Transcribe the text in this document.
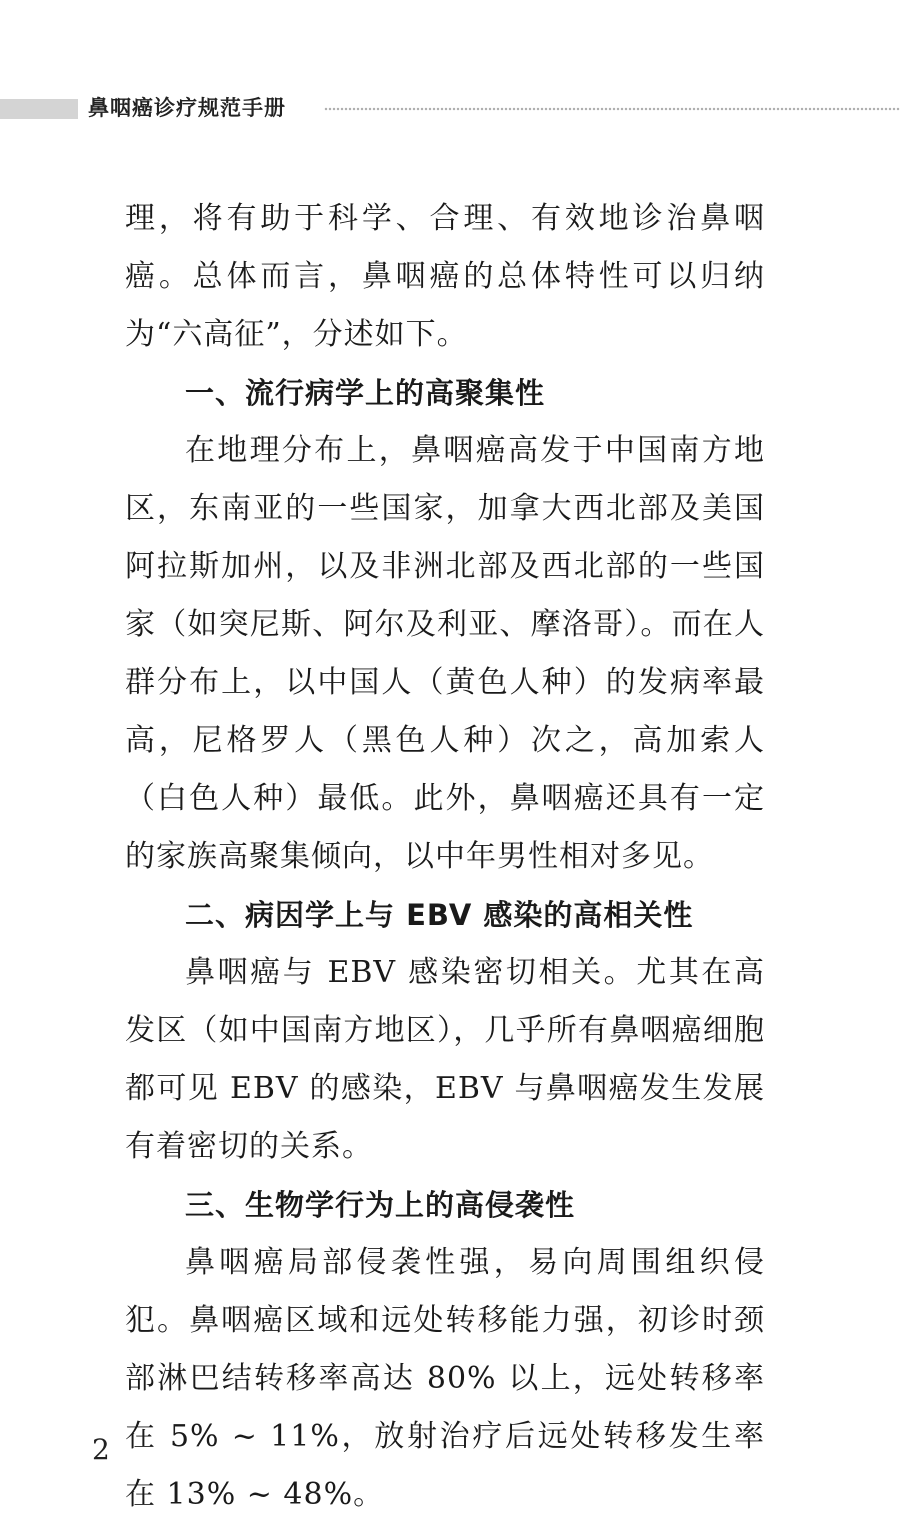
鼻咽癌诊疗规范手册

理，将有助于科学、合理、有效地诊治鼻咽癌。总体而言，鼻咽癌的总体特性可以归纳为“六高征”，分述如下。

一、流行病学上的高聚集性

在地理分布上，鼻咽癌高发于中国南方地区，东南亚的一些国家，加拿大西北部及美国阿拉斯加州，以及非洲北部及西北部的一些国家（如突尼斯、阿尔及利亚、摩洛哥）。而在人群分布上，以中国人（黄色人种）的发病率最高，尼格罗人（黑色人种）次之，高加索人（白色人种）最低。此外，鼻咽癌还具有一定的家族高聚集倾向，以中年男性相对多见。

二、病因学上与 EBV 感染的高相关性

鼻咽癌与 EBV 感染密切相关。尤其在高发区（如中国南方地区），几乎所有鼻咽癌细胞都可见 EBV 的感染，EBV 与鼻咽癌发生发展有着密切的关系。

三、生物学行为上的高侵袭性

鼻咽癌局部侵袭性强，易向周围组织侵犯。鼻咽癌区域和远处转移能力强，初诊时颈部淋巴结转移率高达 80% 以上，远处转移率在 5% ~ 11%，放射治疗后远处转移发生率在 13% ~ 48%。

2
